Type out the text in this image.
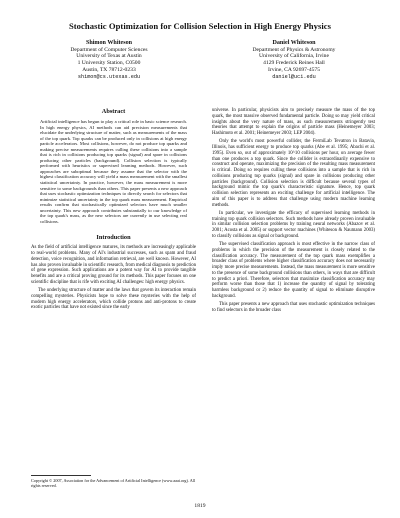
Stochastic Optimization for Collision Selection in High Energy Physics
Shimon Whiteson
Department of Computer Sciences
University of Texas at Austin
1 University Station, C0500
Austin, TX 78712-0233
shimon@cs.utexas.edu
Daniel Whiteson
Department of Physics & Astronomy
University of California, Irvine
4129 Frederick Reines Hall
Irvine, CA 92697-4575
daniel@uci.edu
Abstract
Artificial intelligence has begun to play a critical role in basic science research. In high energy physics, AI methods can aid precision measurements that elucidate the underlying structure of matter, such as measurements of the mass of the top quark. Top quarks can be produced only in collisions at high energy particle accelerators. Most collisions, however, do not produce top quarks and making precise measurements requires culling these collisions into a sample that is rich in collisions producing top quarks (signal) and spare in collisions producing other particles (background). Collision selection is typically performed with heuristics or supervised learning methods. However, such approaches are suboptimal because they assume that the selector with the highest classification accuracy will yield a mass measurement with the smallest statistical uncertainty. In practice, however, the mass measurement is more sensitive to some backgrounds than others. This paper presents a new approach that uses stochastic optimization techniques to directly search for selectors that minimize statistical uncertainty in the top quark mass measurement. Empirical results confirm that stochastically optimized selectors have much smaller uncertainty. This new approach contributes substantially to our knowledge of the top quark's mass, as the new selectors are currently in use selecting real collisions.
Introduction

As the field of artificial intelligence matures, its methods are increasingly applicable to real-world problems. Many of AI's industrial successes, such as spam and fraud detection, voice recognition, and information retrieval, are well known. However, AI has also proven invaluable in scientific research, from medical diagnosis to prediction of gene expression. Such applications are a potent way for AI to provide tangible benefits and are a critical proving ground for its methods. This paper focuses on one scientific discipline that is rife with exciting AI challenges: high energy physics.

The underlying structure of matter and the laws that govern its interaction remain compelling mysteries. Physicists hope to solve these mysteries with the help of modern high energy accelerators, which collide protons and anti-protons to create exotic particles that have not existed since the early

Copyright © 2007, Association for the Advancement of Artificial Intelligence (www.aaai.org). All rights reserved.

universe. In particular, physicists aim to precisely measure the mass of the top quark, the most massive observed fundamental particle. Doing so may yield critical insights about the very nature of mass, as such measurements stringently test theories that attempt to explain the origins of particle mass (Heinemeyer 2003; Hashimoto et al. 2001; Heinemeyer 2003; LEP 2004).

Only the world's most powerful collider, the FermiLab Tevatron in Batavia, Illinois, has sufficient energy to produce top quarks (Abe et al. 1995; Abachi et al. 1995). Even so, out of approximately 10^10 collisions per hour, on average fewer than one produces a top quark. Since the collider is extraordinarily expensive to construct and operate, maximizing the precision of the resulting mass measurement is critical. Doing so requires culling these collisions into a sample that is rich in collisions producing top quarks (signal) and spare in collisions producing other particles (background). Collision selection is difficult because several types of background mimic the top quark's characteristic signature. Hence, top quark collision selection represents an exciting challenge for artificial intelligence. The aim of this paper is to address that challenge using modern machine learning methods.

In particular, we investigate the efficacy of supervised learning methods in training top quark collision selectors. Such methods have already proven invaluable in similar collision selection problems by training neural networks (Abazov et al. 2001; Acosta et al. 2005) or support vector machines (Whiteson & Naumann 2003) to classify collisions as signal or background.

The supervised classification approach is most effective in the narrow class of problems in which the precision of the measurement is closely related to the classification accuracy. The measurement of the top quark mass exemplifies a broader class of problems where higher classification accuracy does not necessarily imply more precise measurements. Instead, the mass measurement is more sensitive to the presence of some background collisions than others, in ways that are difficult to predict a priori. Therefore, selectors that maximize classification accuracy may perform worse than those that 1) increase the quantity of signal by tolerating harmless background or 2) reduce the quantity of signal to eliminate disruptive background.

This paper presents a new approach that uses stochastic optimization techniques to find selectors in the broader class

1819
